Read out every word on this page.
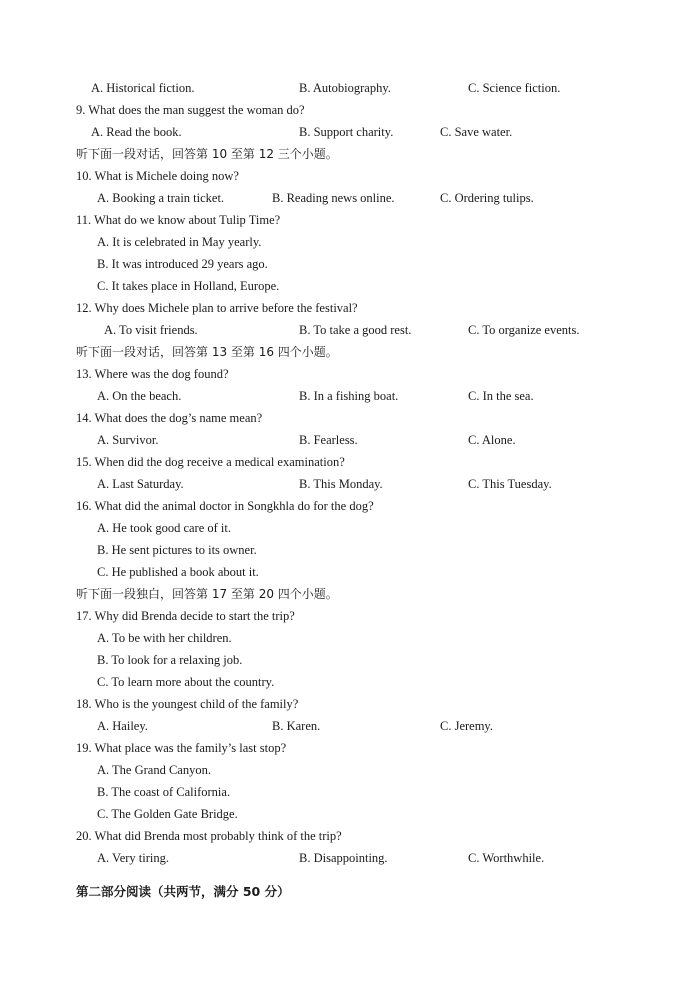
A. Historical fiction.	B. Autobiography.	C. Science fiction.
9. What does the man suggest the woman do?
A. Read the book.	B. Support charity.	C. Save water.
听下面一段对话，回答第 10 至第 12 三个小题。
10. What is Michele doing now?
A. Booking a train ticket.	B. Reading news online.	C. Ordering tulips.
11. What do we know about Tulip Time?
A. It is celebrated in May yearly.
B. It was introduced 29 years ago.
C. It takes place in Holland, Europe.
12. Why does Michele plan to arrive before the festival?
A. To visit friends.	B. To take a good rest.	C. To organize events.
听下面一段对话，回答第 13 至第 16 四个小题。
13. Where was the dog found?
A. On the beach.	B. In a fishing boat.	C. In the sea.
14. What does the dog’s name mean?
A. Survivor.	B. Fearless.	C. Alone.
15. When did the dog receive a medical examination?
A. Last Saturday.	B. This Monday.	C. This Tuesday.
16. What did the animal doctor in Songkhla do for the dog?
A. He took good care of it.
B. He sent pictures to its owner.
C. He published a book about it.
听下面一段独白，回答第 17 至第 20 四个小题。
17. Why did Brenda decide to start the trip?
A. To be with her children.
B. To look for a relaxing job.
C. To learn more about the country.
18. Who is the youngest child of the family?
A. Hailey.	B. Karen.	C. Jeremy.
19. What place was the family’s last stop?
A. The Grand Canyon.
B. The coast of California.
C. The Golden Gate Bridge.
20. What did Brenda most probably think of the trip?
A. Very tiring.	B. Disappointing.	C. Worthwhile.
第二部分阅读（共两节，满分 50 分）
